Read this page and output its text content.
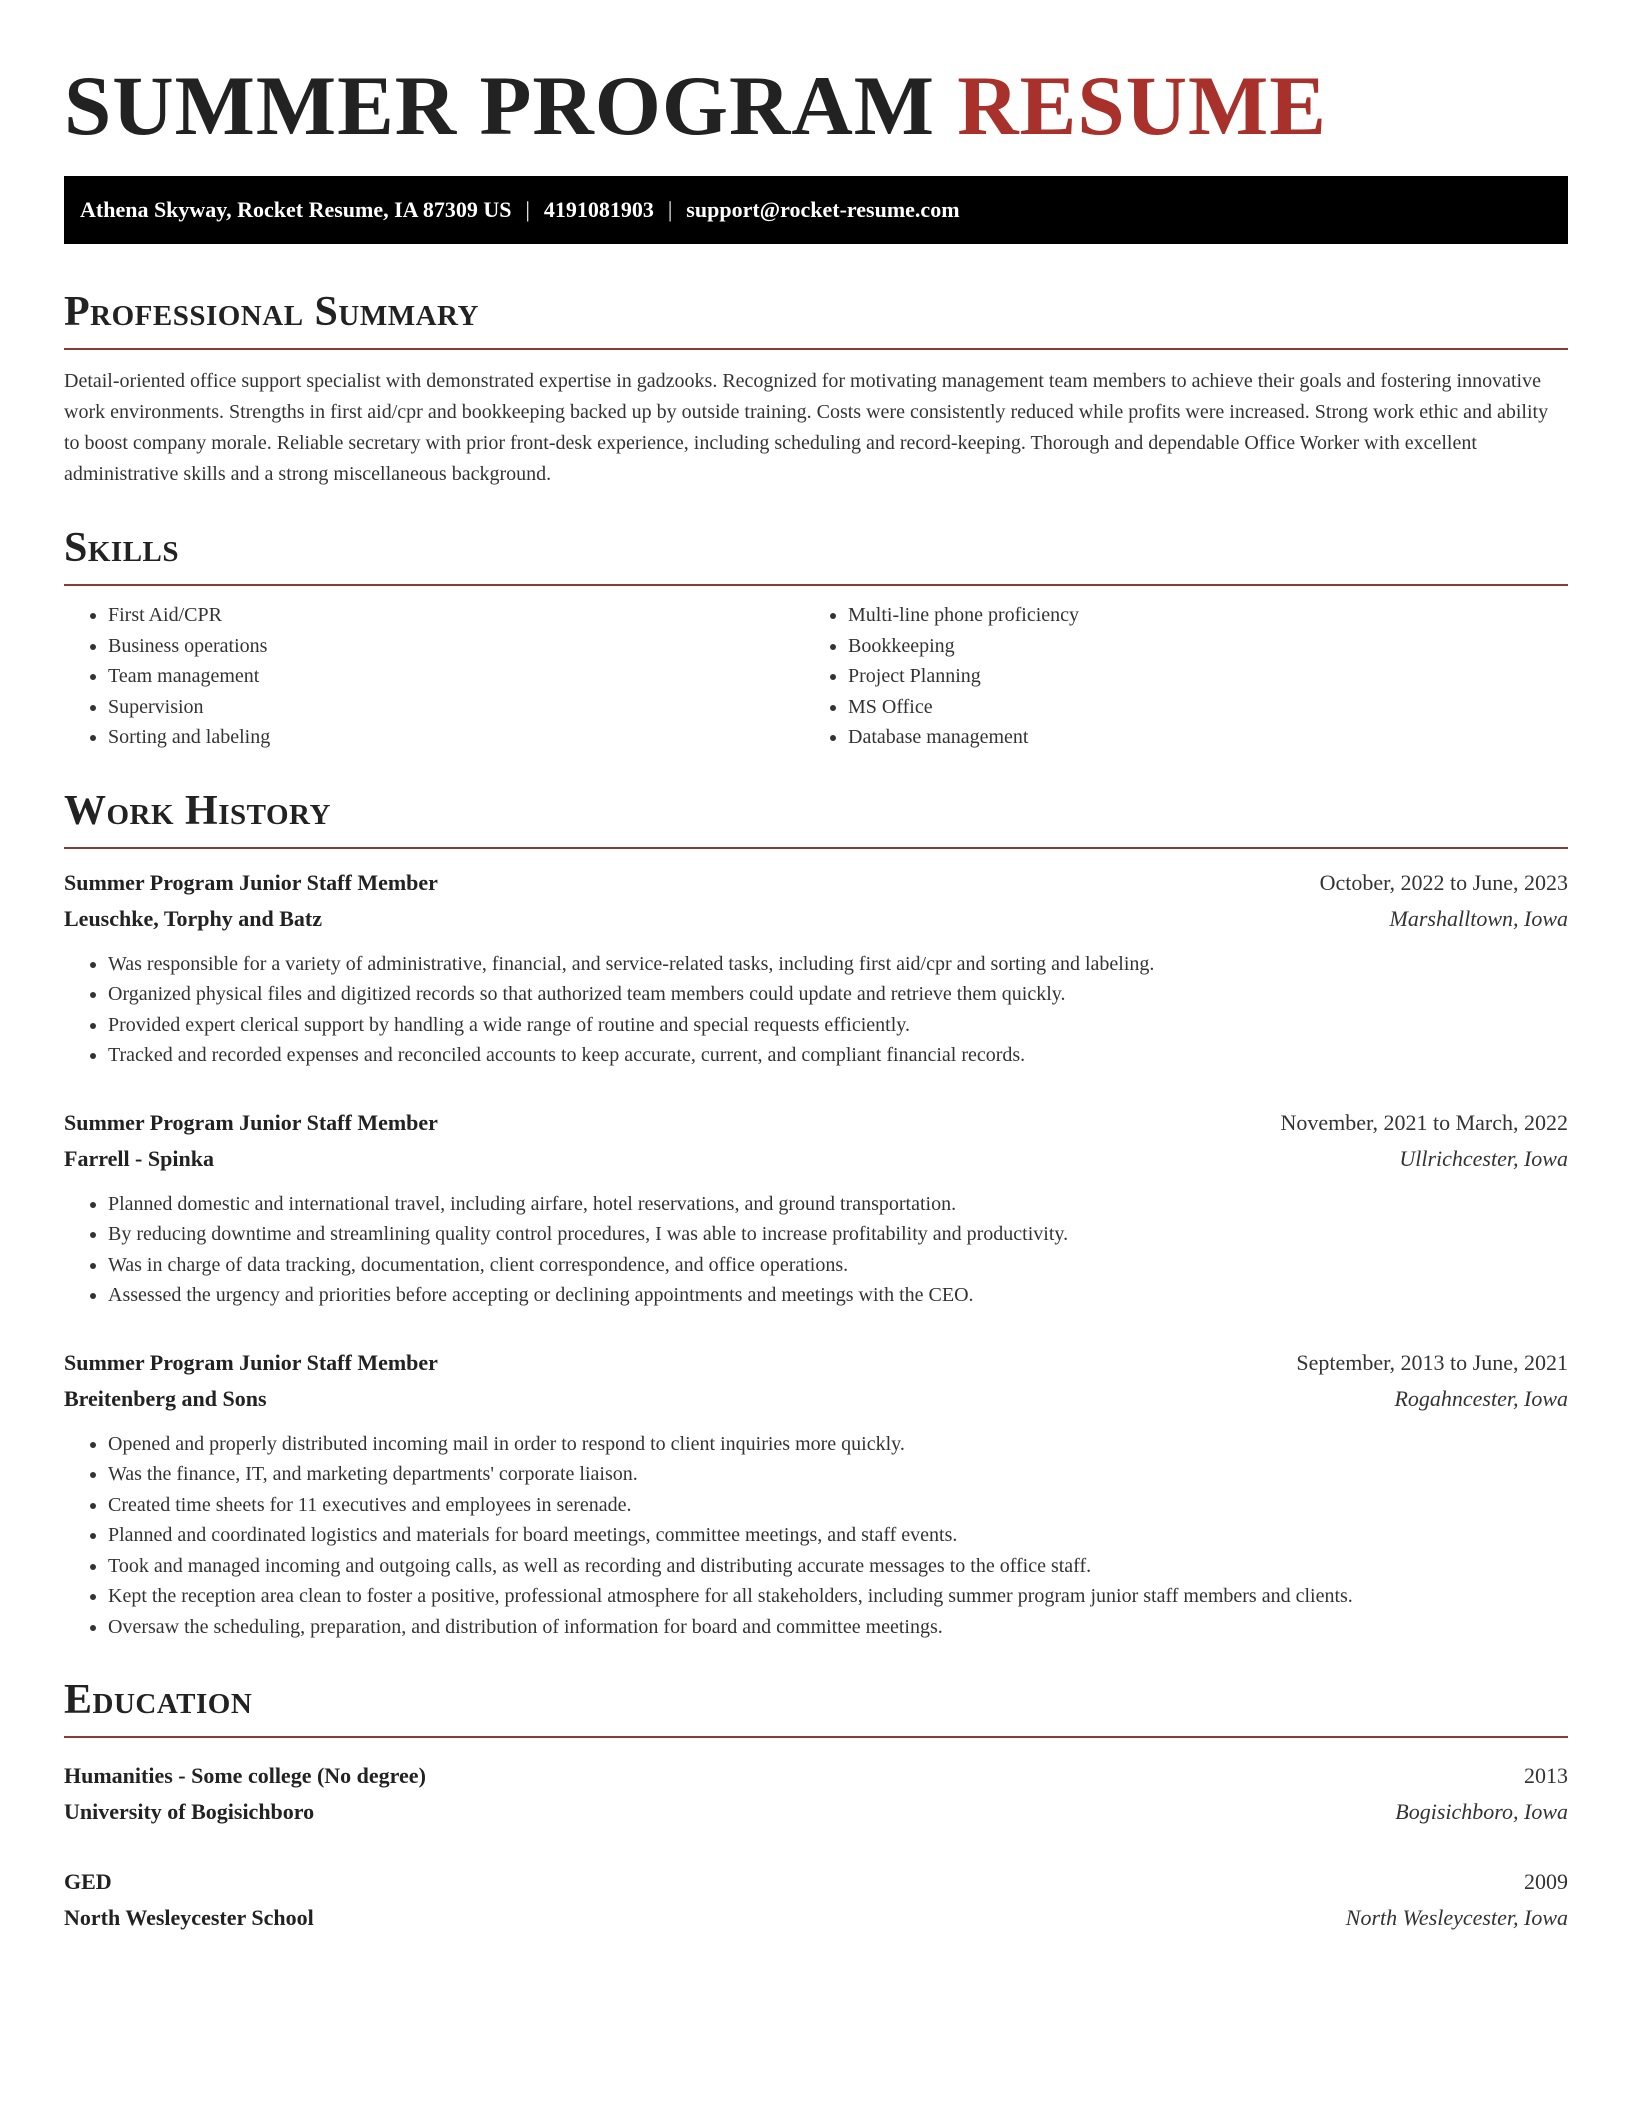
SUMMER PROGRAM RESUME
Athena Skyway, Rocket Resume, IA 87309 US | 4191081903 | support@rocket-resume.com
Professional Summary

Detail-oriented office support specialist with demonstrated expertise in gadzooks. Recognized for motivating management team members to achieve their goals and fostering innovative work environments. Strengths in first aid/cpr and bookkeeping backed up by outside training. Costs were consistently reduced while profits were increased. Strong work ethic and ability to boost company morale. Reliable secretary with prior front-desk experience, including scheduling and record-keeping. Thorough and dependable Office Worker with excellent administrative skills and a strong miscellaneous background.

Skills
• First Aid/CPR
• Business operations
• Team management
• Supervision
• Sorting and labeling
• Multi-line phone proficiency
• Bookkeeping
• Project Planning
• MS Office
• Database management
Work History
Summer Program Junior Staff Member	October, 2022 to June, 2023
Leuschke, Torphy and Batz	Marshalltown, Iowa
• Was responsible for a variety of administrative, financial, and service-related tasks, including first aid/cpr and sorting and labeling.
• Organized physical files and digitized records so that authorized team members could update and retrieve them quickly.
• Provided expert clerical support by handling a wide range of routine and special requests efficiently.
• Tracked and recorded expenses and reconciled accounts to keep accurate, current, and compliant financial records.
Summer Program Junior Staff Member	November, 2021 to March, 2022
Farrell - Spinka	Ullrichcester, Iowa
• Planned domestic and international travel, including airfare, hotel reservations, and ground transportation.
• By reducing downtime and streamlining quality control procedures, I was able to increase profitability and productivity.
• Was in charge of data tracking, documentation, client correspondence, and office operations.
• Assessed the urgency and priorities before accepting or declining appointments and meetings with the CEO.
Summer Program Junior Staff Member	September, 2013 to June, 2021
Breitenberg and Sons	Rogahncester, Iowa
• Opened and properly distributed incoming mail in order to respond to client inquiries more quickly.
• Was the finance, IT, and marketing departments' corporate liaison.
• Created time sheets for 11 executives and employees in serenade.
• Planned and coordinated logistics and materials for board meetings, committee meetings, and staff events.
• Took and managed incoming and outgoing calls, as well as recording and distributing accurate messages to the office staff.
• Kept the reception area clean to foster a positive, professional atmosphere for all stakeholders, including summer program junior staff members and clients.
• Oversaw the scheduling, preparation, and distribution of information for board and committee meetings.
Education
Humanities - Some college (No degree)	2013
University of Bogisichboro	Bogisichboro, Iowa
GED	2009
North Wesleycester School	North Wesleycester, Iowa
